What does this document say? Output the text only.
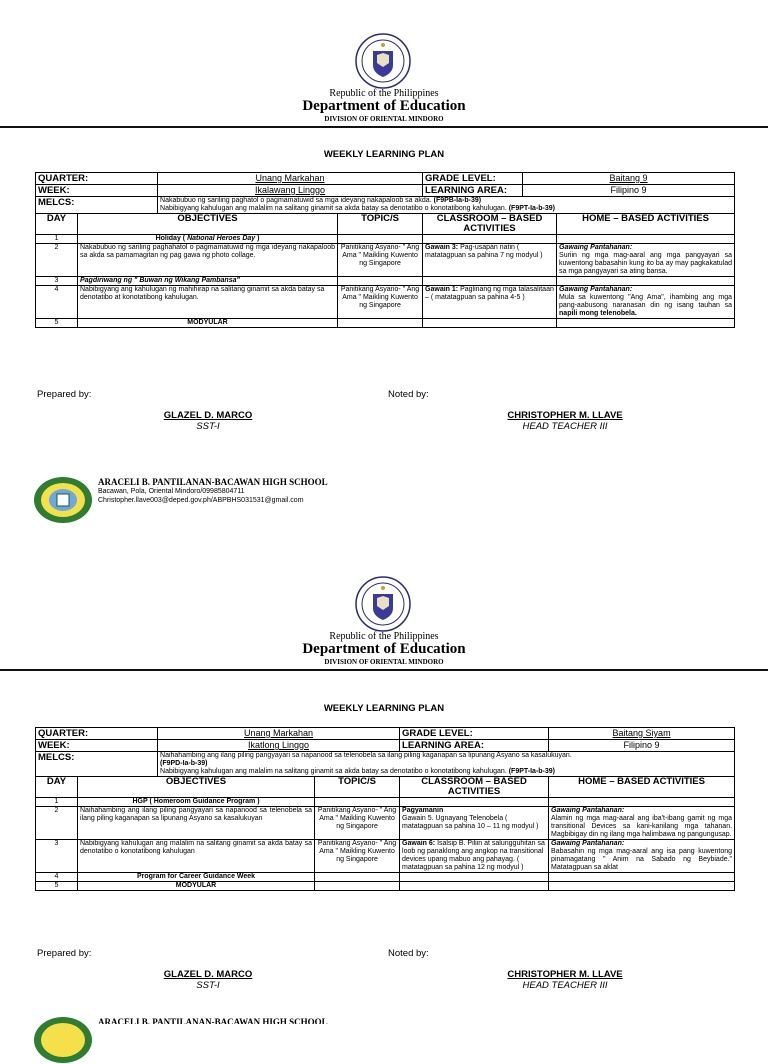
Republic of the Philippines
Department of Education
DIVISION OF ORIENTAL MINDORO
WEEKLY LEARNING PLAN
QUARTER:		Unang Markahan		GRADE LEVEL:	Baitang 9	
WEEK:		Ikalawang Linggo		LEARNING AREA:	Filipino 9	
MELCS:		Nakabubuo ng sariling paghatol o pagmamatuwid sa mga ideyang nakapaloob sa akda. (F9PB-Ia-b-39)
Nabibigyang kahulugan ang malalim na salitang ginamit sa akda batay sa denotatibo o konotatibong kahulugan. (F9PT-Ia-b-39)				
DAY	OBJECTIVES		TOPIC/S	CLASSROOM – BASED ACTIVITIES		HOME – BASED ACTIVITIES
1	Holiday ( National Heroes Day )					
2	Nakabubuo ng sariling paghahatol o pagmamatuwid ng mga ideyang nakapaloob sa akda sa pamamagitan ng pag gawa ng photo collage.		Panitikang Asyano- " Ang Ama " Maikling Kuwento ng Singapore	Gawain 3: Pag-usapan natin ( matatagpuan sa pahina 7 ng modyul )		Gawaing Pantahanan:
Suriin ng mga mag-aaral ang mga pangyayari sa kuwentong babasahin kung ito ba ay may pagkakatulad sa mga pangyayari sa ating bansa.
3	Pagdiriwang ng " Buwan ng Wikang Pambansa"					
4	Nabibigyang ang kahulugan ng mahihirap na salitang ginamit sa akda batay sa denotatibo at konotatibong kahulugan.		Panitikang Asyano- " Ang Ama " Maikling Kuwento ng Singapore	Gawain 1: Paglinang ng mga talasalitaan – ( matatagpuan sa pahina 4-5 )		Gawaing Pantahanan:
Mula sa kuwentong "Ang Ama", ihambing ang mga pang-aabusong naranasan din ng isang tauhan sa napili mong telenobela.
5	MODYULAR					
Prepared by:	Noted by:
GLAZEL D. MARCO
SST-I
CHRISTOPHER M. LLAVE
HEAD TEACHER III
ARACELI B. PANTILANAN-BACAWAN HIGH SCHOOL
Bacawan, Pola, Oriental Mindoro/09985804711
Christopher.llave003@deped.gov.ph/ABPBHS031531@gmail.com
Republic of the Philippines
Department of Education
DIVISION OF ORIENTAL MINDORO
WEEKLY LEARNING PLAN
QUARTER:		Unang Markahan		GRADE LEVEL:	Baitang Siyam
WEEK:		Ikatlong Linggo		LEARNING AREA:	Filipino 9
MELCS:		Naihahambing ang ilang piling pangyayari sa napanood sa telenobela sa ilang piling kaganapan sa lipunang Asyano sa kasalukuyan.
(F9PD-Ia-b-39)
Nabibigyang kahulugan ang malalim na salitang ginamit sa akda batay sa denotatibo o konotatibong kahulugan. (F9PT-Ia-b-39)			
DAY	OBJECTIVES		TOPIC/S	CLASSROOM – BASED ACTIVITIES	HOME – BASED ACTIVITIES
1	HGP ( Homeroom Guidance Program )				
2	Naihahambing ang ilang piling pangyayari sa napanood sa telenobela sa ilang piling kaganapan sa lipunang Asyano sa kasalukuyan		Panitikang Asyano- " Ang Ama " Maikling Kuwento ng Singapore	Pagyamanin
Gawain 5. Ugnayang Telenobela ( matatagpuan sa pahina 10 – 11 ng modyul )	Gawaing Pantahanan:
Alamin ng mga mag-aaral ang iba't-ibang gamit ng mga transitional Devices sa kani-kanilang mga tahanan. Magbibigay din ng ilang mga halimbawa ng pangungusap.
3	Nabibigyang kahulugan ang malalim na salitang ginamit sa akda batay sa denotatibo o konotatibong kahulugan		Panitikang Asyano- " Ang Ama " Maikling Kuwento ng Singapore	Gawain 6: Isalsip B. Piliin at salungguhitan sa loob ng panaklong ang angkop na transitional devices upang mabuo ang pahayag. ( matatagpuan sa pahina 12 ng modyul )	Gawaing Pantahanan:
Babasahin ng mga mag-aaral ang isa pang kuwentong pinamagatang " Anim na Sabado ng Beybiade." Matatagpuan sa aklat
4	Program for Career Guidance Week				
5	MODYULAR				
Prepared by:	Noted by:
GLAZEL D. MARCO
SST-I
CHRISTOPHER M. LLAVE
HEAD TEACHER III
ARACELI B. PANTILANAN-BACAWAN HIGH SCHOOL
